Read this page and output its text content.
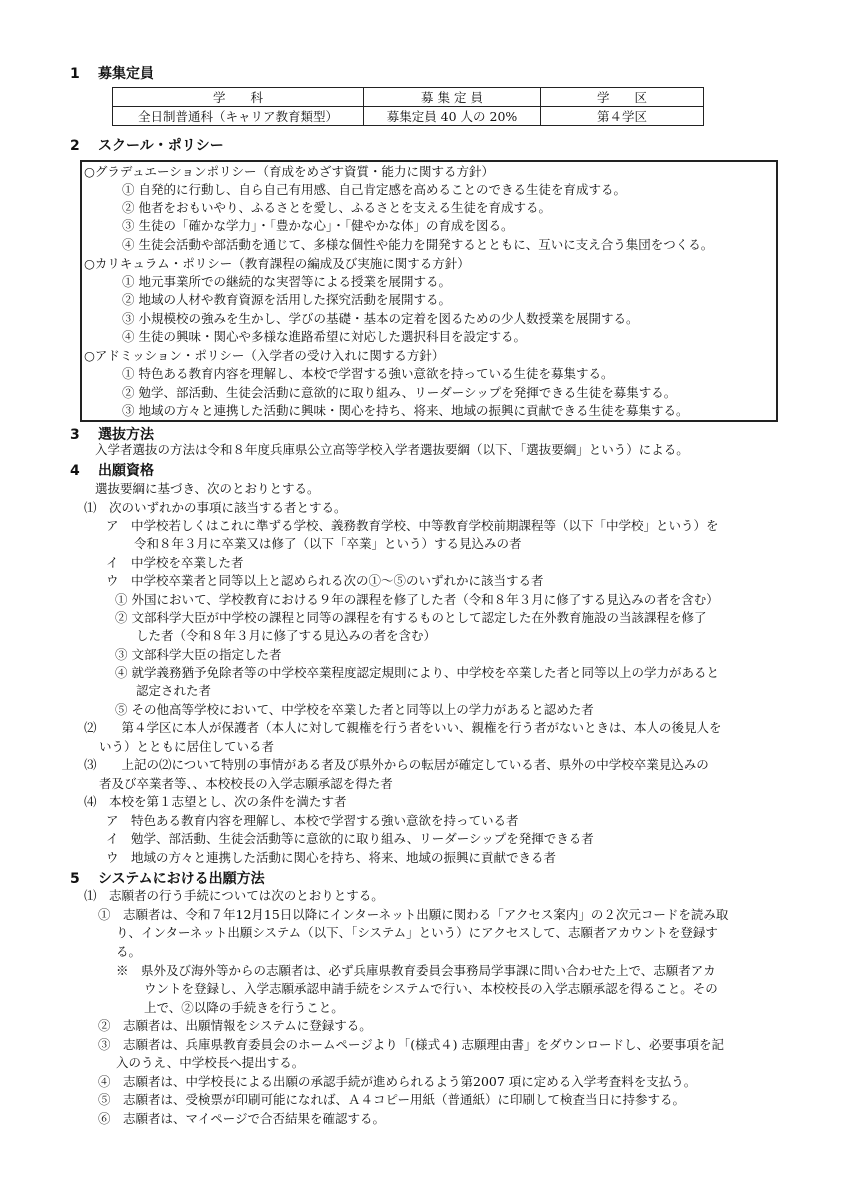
1 募集定員
学　　科	募 集 定 員	学　　区
全日制普通科（キャリア教育類型）	募集定員 40 人の 20%	第４学区
2 スクール・ポリシー
○グラデュエーションポリシー（育成をめざす資質・能力に関する方針）
① 自発的に行動し、自ら自己有用感、自己肯定感を高めることのできる生徒を育成する。
② 他者をおもいやり、ふるさとを愛し、ふるさとを支える生徒を育成する。
③ 生徒の「確かな学力」・「豊かな心」・「健やかな体」の育成を図る。
④ 生徒会活動や部活動を通じて、多様な個性や能力を開発するとともに、互いに支え合う集団をつくる。
○カリキュラム・ポリシー（教育課程の編成及び実施に関する方針）
① 地元事業所での継続的な実習等による授業を展開する。
② 地域の人材や教育資源を活用した探究活動を展開する。
③ 小規模校の強みを生かし、学びの基礎・基本の定着を図るための少人数授業を展開する。
④ 生徒の興味・関心や多様な進路希望に対応した選択科目を設定する。
○アドミッション・ポリシー（入学者の受け入れに関する方針）
① 特色ある教育内容を理解し、本校で学習する強い意欲を持っている生徒を募集する。
② 勉学、部活動、生徒会活動に意欲的に取り組み、リーダーシップを発揮できる生徒を募集する。
③ 地域の方々と連携した活動に興味・関心を持ち、将来、地域の振興に貢献できる生徒を募集する。
3 選抜方法
入学者選抜の方法は令和８年度兵庫県公立高等学校入学者選抜要綱（以下、「選抜要綱」という）による。
4 出願資格
選抜要綱に基づき、次のとおりとする。
⑴　次のいずれかの事項に該当する者とする。
ア　中学校若しくはこれに準ずる学校、義務教育学校、中等教育学校前期課程等（以下「中学校」という）を
令和８年３月に卒業又は修了（以下「卒業」という）する見込みの者
イ　中学校を卒業した者
ウ　中学校卒業者と同等以上と認められる次の①～⑤のいずれかに該当する者
① 外国において、学校教育における９年の課程を修了した者（令和８年３月に修了する見込みの者を含む）
② 文部科学大臣が中学校の課程と同等の課程を有するものとして認定した在外教育施設の当該課程を修了
した者（令和８年３月に修了する見込みの者を含む）
③ 文部科学大臣の指定した者
④ 就学義務猶予免除者等の中学校卒業程度認定規則により、中学校を卒業した者と同等以上の学力があると
認定された者
⑤ その他高等学校において、中学校を卒業した者と同等以上の学力があると認めた者
⑵　　第４学区に本人が保護者（本人に対して親権を行う者をいい、親権を行う者がないときは、本人の後見人を
いう）とともに居住している者
⑶　　上記の⑵について特別の事情がある者及び県外からの転居が確定している者、県外の中学校卒業見込みの
者及び卒業者等、、本校校長の入学志願承認を得た者
⑷　本校を第１志望とし、次の条件を満たす者
ア　特色ある教育内容を理解し、本校で学習する強い意欲を持っている者
イ　勉学、部活動、生徒会活動等に意欲的に取り組み、リーダーシップを発揮できる者
ウ　地域の方々と連携した活動に関心を持ち、将来、地域の振興に貢献できる者
5 システムにおける出願方法
⑴　志願者の行う手続については次のとおりとする。
①　志願者は、令和７年12月15日以降にインターネット出願に関わる「アクセス案内」の２次元コードを読み取
り、インターネット出願システム（以下、「システム」という）にアクセスして、志願者アカウントを登録す
る。
※　県外及び海外等からの志願者は、必ず兵庫県教育委員会事務局学事課に問い合わせた上で、志願者アカ
ウントを登録し、入学志願承認申請手続をシステムで行い、本校校長の入学志願承認を得ること。その
上で、②以降の手続きを行うこと。
②　志願者は、出願情報をシステムに登録する。
③　志願者は、兵庫県教育委員会のホームページより「(様式４) 志願理由書」をダウンロードし、必要事項を記
入のうえ、中学校長へ提出する。
④　志願者は、中学校長による出願の承認手続が進められるよう第2007 項に定める入学考査料を支払う。
⑤　志願者は、受検票が印刷可能になれば、Ａ４コピー用紙（普通紙）に印刷して検査当日に持参する。
⑥　志願者は、マイページで合否結果を確認する。
